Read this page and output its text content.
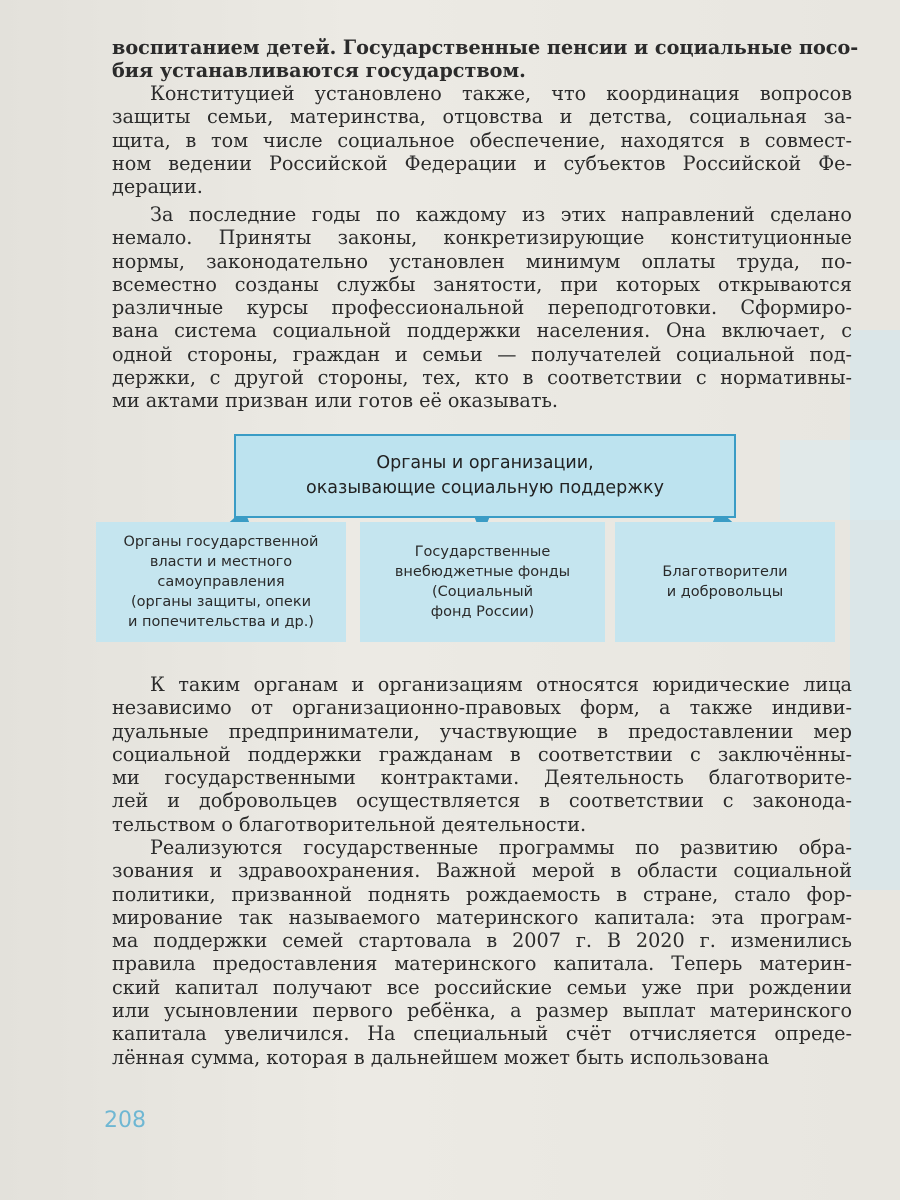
воспитанием детей. Государственные пенсии и социальные посо-
бия устанавливаются государством.
Конституцией установлено также, что координация вопросов
защиты семьи, материнства, отцовства и детства, социальная за-
щита, в том числе социальное обеспечение, находятся в совмест-
ном ведении Российской Федерации и субъектов Российской Фе-
дерации.
За последние годы по каждому из этих направлений сделано
немало. Приняты законы, конкретизирующие конституционные
нормы, законодательно установлен минимум оплаты труда, по-
всеместно созданы службы занятости, при которых открываются
различные курсы профессиональной переподготовки. Сформиро-
вана система социальной поддержки населения. Она включает, с
одной стороны, граждан и семьи — получателей социальной под-
держки, с другой стороны, тех, кто в соответствии с нормативны-
ми актами призван или готов её оказывать.
Органы и организации,
оказывающие социальную поддержку
Органы государственной
власти и местного
самоуправления
(органы защиты, опеки
и попечительства и др.)
Государственные
внебюджетные фонды
(Социальный
фонд России)
Благотворители
и добровольцы
К таким органам и организациям относятся юридические лица
независимо от организационно-правовых форм, а также индиви-
дуальные предприниматели, участвующие в предоставлении мер
социальной поддержки гражданам в соответствии с заключённы-
ми государственными контрактами. Деятельность благотворите-
лей и добровольцев осуществляется в соответствии с законода-
тельством о благотворительной деятельности.
Реализуются государственные программы по развитию обра-
зования и здравоохранения. Важной мерой в области социальной
политики, призванной поднять рождаемость в стране, стало фор-
мирование так называемого материнского капитала: эта програм-
ма поддержки семей стартовала в 2007 г. В 2020 г. изменились
правила предоставления материнского капитала. Теперь материн-
ский капитал получают все российские семьи уже при рождении
или усыновлении первого ребёнка, а размер выплат материнского
капитала увеличился. На специальный счёт отчисляется опреде-
лённая сумма, которая в дальнейшем может быть использована
208
